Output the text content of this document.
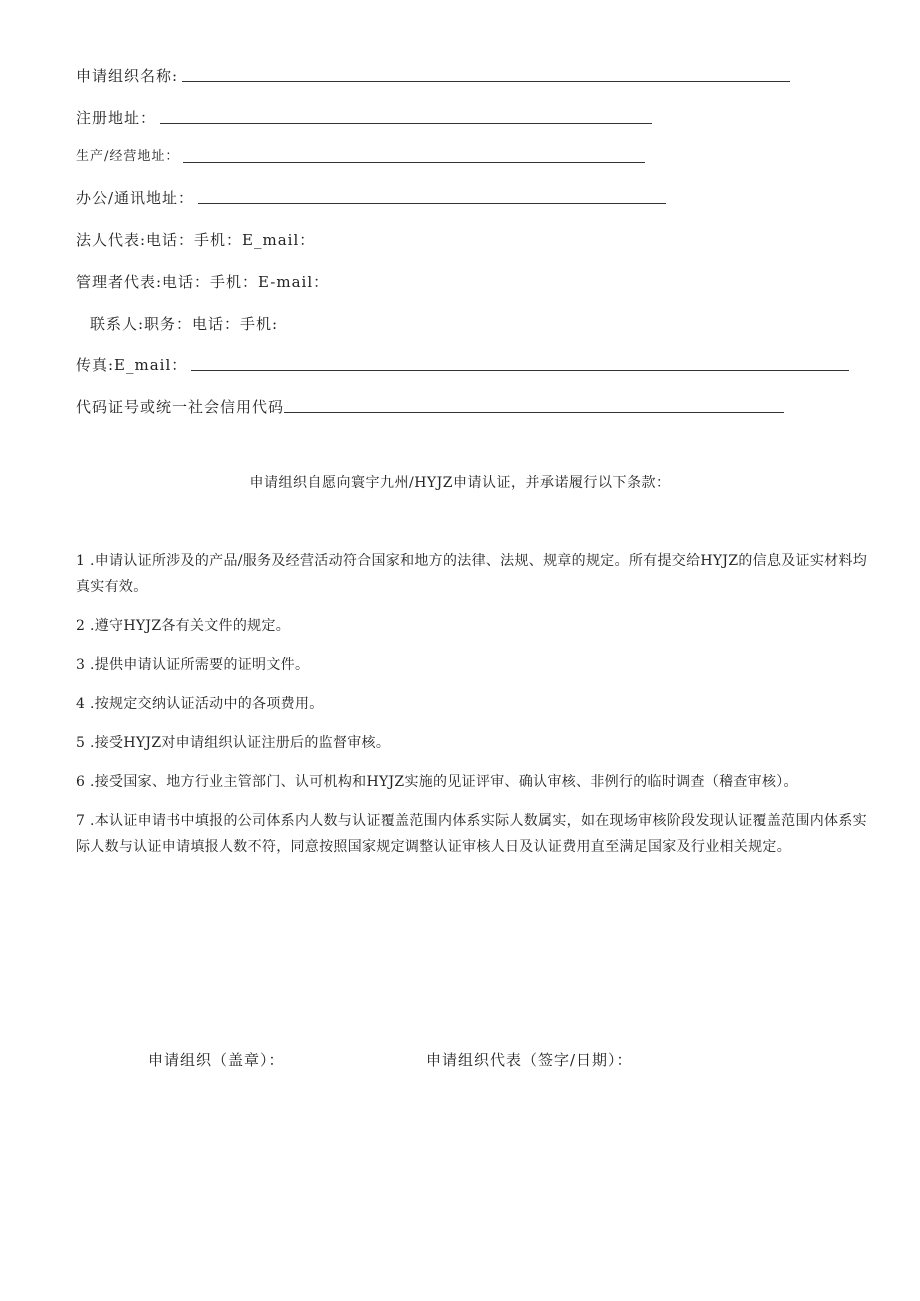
申请组织名称:
注册地址：
生产/经营地址：
办公/通讯地址：
法人代表:电话：手机：E_mail：
管理者代表:电话：手机：E-mail：
联系人:职务：电话：手机:
传真:E_mail：
代码证号或统一社会信用代码
申请组织自愿向寰宇九州/HYJZ申请认证，并承诺履行以下条款：
1 .申请认证所涉及的产品/服务及经营活动符合国家和地方的法律、法规、规章的规定。所有提交给HYJZ的信息及证实材料均真实有效。
2 .遵守HYJZ各有关文件的规定。
3 .提供申请认证所需要的证明文件。
4 .按规定交纳认证活动中的各项费用。
5 .接受HYJZ对申请组织认证注册后的监督审核。
6 .接受国家、地方行业主管部门、认可机构和HYJZ实施的见证评审、确认审核、非例行的临时调查（稽查审核）。
7 .本认证申请书中填报的公司体系内人数与认证覆盖范围内体系实际人数属实，如在现场审核阶段发现认证覆盖范围内体系实际人数与认证申请填报人数不符，同意按照国家规定调整认证审核人日及认证费用直至满足国家及行业相关规定。
申请组织（盖章）：	申请组织代表（签字/日期）：
